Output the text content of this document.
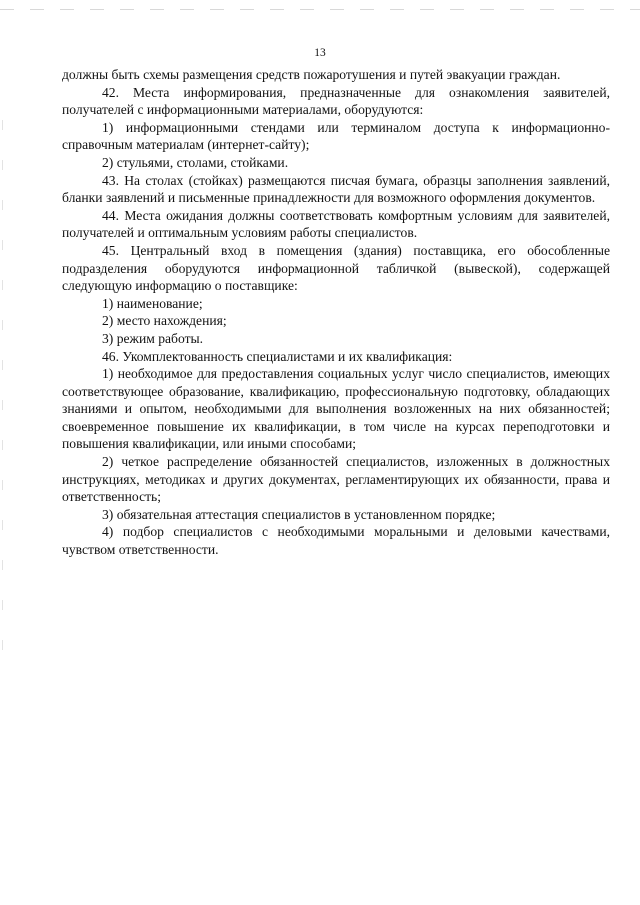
13

должны быть схемы размещения средств пожаротушения и путей эвакуации граждан.

42. Места информирования, предназначенные для ознакомления заявителей, получателей с информационными материалами, оборудуются:

1) информационными стендами или терминалом доступа к информационно-справочным материалам (интернет-сайту);

2) стульями, столами, стойками.

43. На столах (стойках) размещаются писчая бумага, образцы заполнения заявлений, бланки заявлений и письменные принадлежности для возможного оформления документов.

44. Места ожидания должны соответствовать комфортным условиям для заявителей, получателей и оптимальным условиям работы специалистов.

45. Центральный вход в помещения (здания) поставщика, его обособленные подразделения оборудуются информационной табличкой (вывеской), содержащей следующую информацию о поставщике:

1) наименование;

2) место нахождения;

3) режим работы.

46. Укомплектованность специалистами и их квалификация:

1) необходимое для предоставления социальных услуг число специалистов, имеющих соответствующее образование, квалификацию, профессиональную подготовку, обладающих знаниями и опытом, необходимыми для выполнения возложенных на них обязанностей; своевременное повышение их квалификации, в том числе на курсах переподготовки и повышения квалификации, или иными способами;

2) четкое распределение обязанностей специалистов, изложенных в должностных инструкциях, методиках и других документах, регламентирующих их обязанности, права и ответственность;

3) обязательная аттестация специалистов в установленном порядке;

4) подбор специалистов с необходимыми моральными и деловыми качествами, чувством ответственности.
